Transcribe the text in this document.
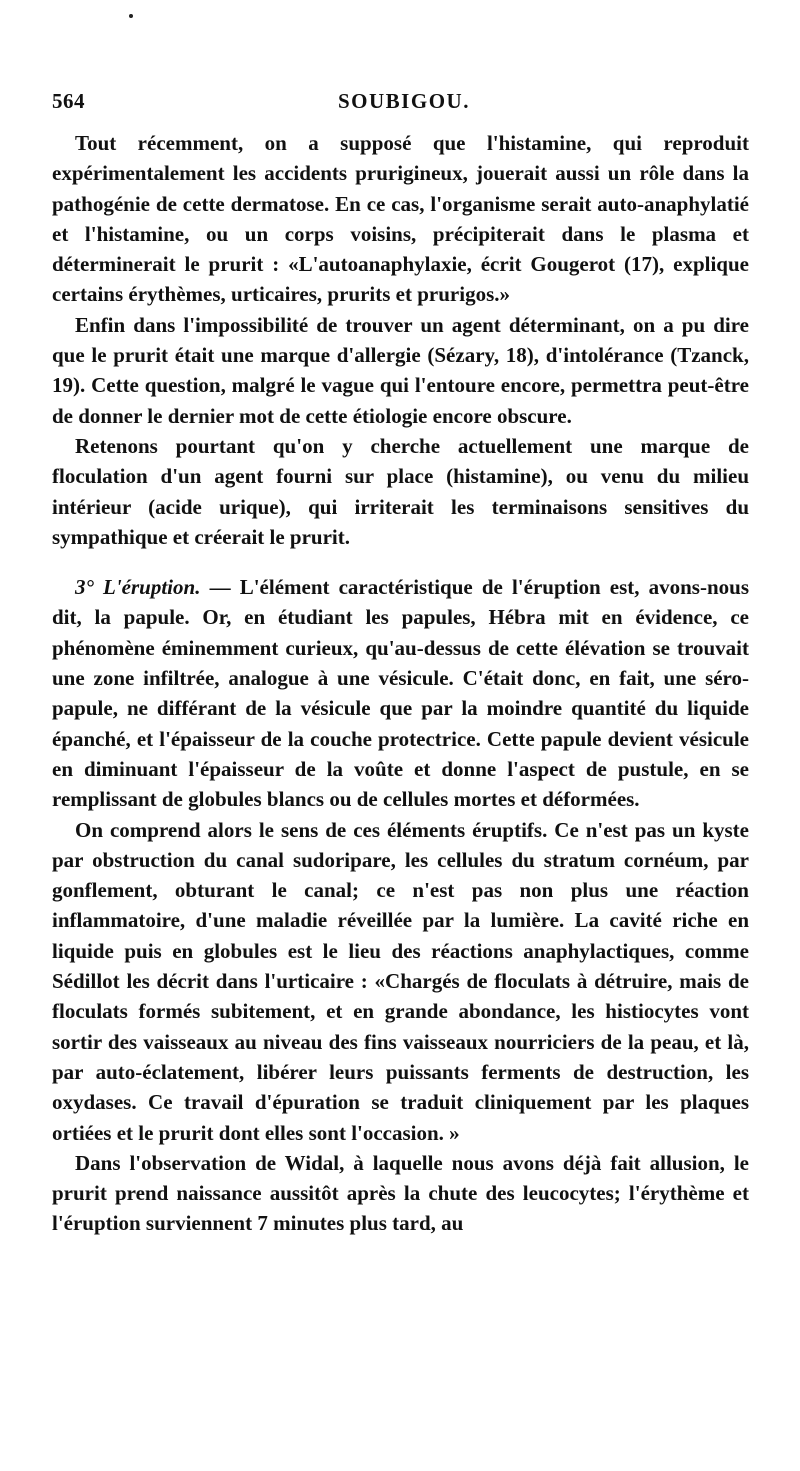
564	SOUBIGOU.

Tout récemment, on a supposé que l'histamine, qui reproduit expérimentalement les accidents prurigineux, jouerait aussi un rôle dans la pathogénie de cette dermatose. En ce cas, l'organisme serait auto-anaphylatié et l'histamine, ou un corps voisins, précipiterait dans le plasma et déterminerait le prurit : «L'autoanaphylaxie, écrit Gougerot (17), explique certains érythèmes, urticaires, prurits et prurigos.»

Enfin dans l'impossibilité de trouver un agent déterminant, on a pu dire que le prurit était une marque d'allergie (Sézary, 18), d'intolérance (Tzanck, 19). Cette question, malgré le vague qui l'entoure encore, permettra peut-être de donner le dernier mot de cette étiologie encore obscure.

Retenons pourtant qu'on y cherche actuellement une marque de floculation d'un agent fourni sur place (histamine), ou venu du milieu intérieur (acide urique), qui irriterait les terminaisons sensitives du sympathique et créerait le prurit.

3° L'éruption. — L'élément caractéristique de l'éruption est, avons-nous dit, la papule. Or, en étudiant les papules, Hébra mit en évidence, ce phénomène éminemment curieux, qu'au-dessus de cette élévation se trouvait une zone infiltrée, analogue à une vésicule. C'était donc, en fait, une séro-papule, ne différant de la vésicule que par la moindre quantité du liquide épanché, et l'épaisseur de la couche protectrice. Cette papule devient vésicule en diminuant l'épaisseur de la voûte et donne l'aspect de pustule, en se remplissant de globules blancs ou de cellules mortes et déformées.

On comprend alors le sens de ces éléments éruptifs. Ce n'est pas un kyste par obstruction du canal sudoripare, les cellules du stratum cornéum, par gonflement, obturant le canal; ce n'est pas non plus une réaction inflammatoire, d'une maladie réveillée par la lumière. La cavité riche en liquide puis en globules est le lieu des réactions anaphylactiques, comme Sédillot les décrit dans l'urticaire : «Chargés de floculats à détruire, mais de floculats formés subitement, et en grande abondance, les histiocytes vont sortir des vaisseaux au niveau des fins vaisseaux nourriciers de la peau, et là, par auto-éclatement, libérer leurs puissants ferments de destruction, les oxydases. Ce travail d'épuration se traduit cliniquement par les plaques ortiées et le prurit dont elles sont l'occasion. »

Dans l'observation de Widal, à laquelle nous avons déjà fait allusion, le prurit prend naissance aussitôt après la chute des leucocytes; l'érythème et l'éruption surviennent 7 minutes plus tard, au
